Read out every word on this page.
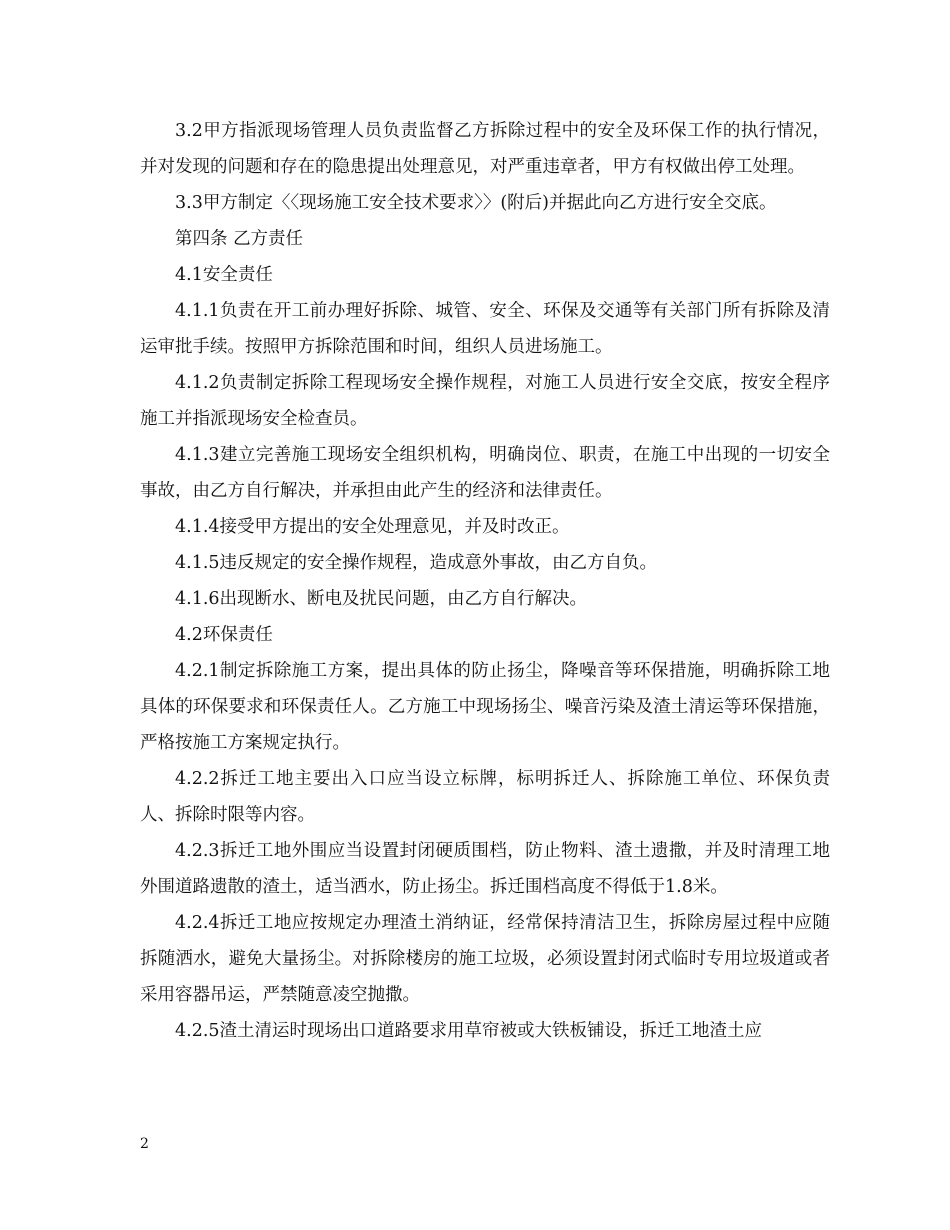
3.2甲方指派现场管理人员负责监督乙方拆除过程中的安全及环保工作的执行情况，并对发现的问题和存在的隐患提出处理意见，对严重违章者，甲方有权做出停工处理。

3.3甲方制定〈〈现场施工安全技术要求〉〉(附后)并据此向乙方进行安全交底。

第四条 乙方责任

4.1安全责任

4.1.1负责在开工前办理好拆除、城管、安全、环保及交通等有关部门所有拆除及清运审批手续。按照甲方拆除范围和时间，组织人员进场施工。

4.1.2负责制定拆除工程现场安全操作规程，对施工人员进行安全交底，按安全程序施工并指派现场安全检查员。

4.1.3建立完善施工现场安全组织机构，明确岗位、职责，在施工中出现的一切安全事故，由乙方自行解决，并承担由此产生的经济和法律责任。

4.1.4接受甲方提出的安全处理意见，并及时改正。

4.1.5违反规定的安全操作规程，造成意外事故，由乙方自负。

4.1.6出现断水、断电及扰民问题，由乙方自行解决。

4.2环保责任

4.2.1制定拆除施工方案，提出具体的防止扬尘，降噪音等环保措施，明确拆除工地具体的环保要求和环保责任人。乙方施工中现场扬尘、噪音污染及渣土清运等环保措施，严格按施工方案规定执行。

4.2.2拆迁工地主要出入口应当设立标牌，标明拆迁人、拆除施工单位、环保负责人、拆除时限等内容。

4.2.3拆迁工地外围应当设置封闭硬质围档，防止物料、渣土遗撒，并及时清理工地外围道路遗散的渣土，适当洒水，防止扬尘。拆迁围档高度不得低于1.8米。

4.2.4拆迁工地应按规定办理渣土消纳证，经常保持清洁卫生，拆除房屋过程中应随拆随洒水，避免大量扬尘。对拆除楼房的施工垃圾，必须设置封闭式临时专用垃圾道或者采用容器吊运，严禁随意凌空抛撒。

4.2.5渣土清运时现场出口道路要求用草帘被或大铁板铺设，拆迁工地渣土应

2
